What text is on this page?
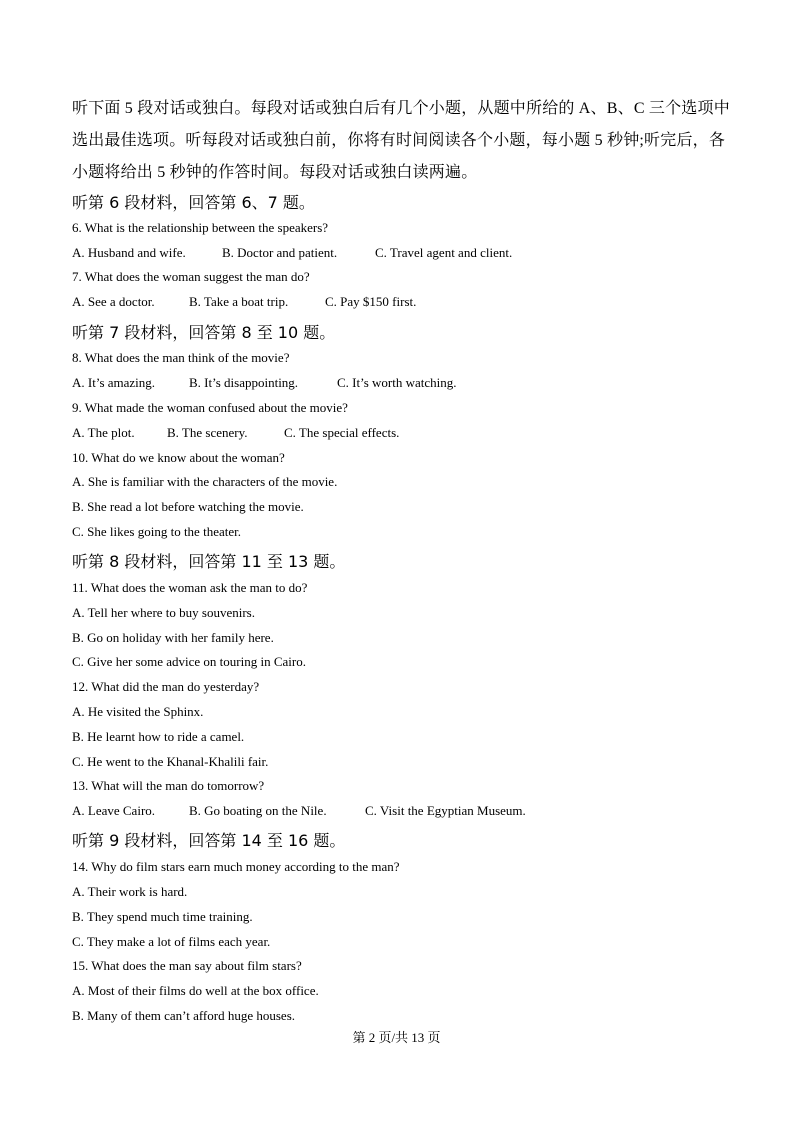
听下面 5 段对话或独白。每段对话或独白后有几个小题，从题中所给的 A、B、C 三个选项中
选出最佳选项。听每段对话或独白前，你将有时间阅读各个小题，每小题 5 秒钟;听完后，各
小题将给出 5 秒钟的作答时间。每段对话或独白读两遍。
听第 6 段材料，回答第 6、7 题。
6. What is the relationship between the speakers?
A. Husband and wife.	B. Doctor and patient.	C. Travel agent and client.
7. What does the woman suggest the man do?
A. See a doctor.	B. Take a boat trip.	C. Pay $150 first.
听第 7 段材料，回答第 8 至 10 题。
8. What does the man think of the movie?
A. It’s amazing.	B. It’s disappointing.	C. It’s worth watching.
9. What made the woman confused about the movie?
A. The plot.	B. The scenery.	C. The special effects.
10. What do we know about the woman?
A. She is familiar with the characters of the movie.
B. She read a lot before watching the movie.
C. She likes going to the theater.
听第 8 段材料，回答第 11 至 13 题。
11. What does the woman ask the man to do?
A. Tell her where to buy souvenirs.
B. Go on holiday with her family here.
C. Give her some advice on touring in Cairo.
12. What did the man do yesterday?
A. He visited the Sphinx.
B. He learnt how to ride a camel.
C. He went to the Khanal-Khalili fair.
13. What will the man do tomorrow?
A. Leave Cairo.	B. Go boating on the Nile.	C. Visit the Egyptian Museum.
听第 9 段材料，回答第 14 至 16 题。
14. Why do film stars earn much money according to the man?
A. Their work is hard.
B. They spend much time training.
C. They make a lot of films each year.
15. What does the man say about film stars?
A. Most of their films do well at the box office.
B. Many of them can’t afford huge houses.
第 2 页/共 13 页
